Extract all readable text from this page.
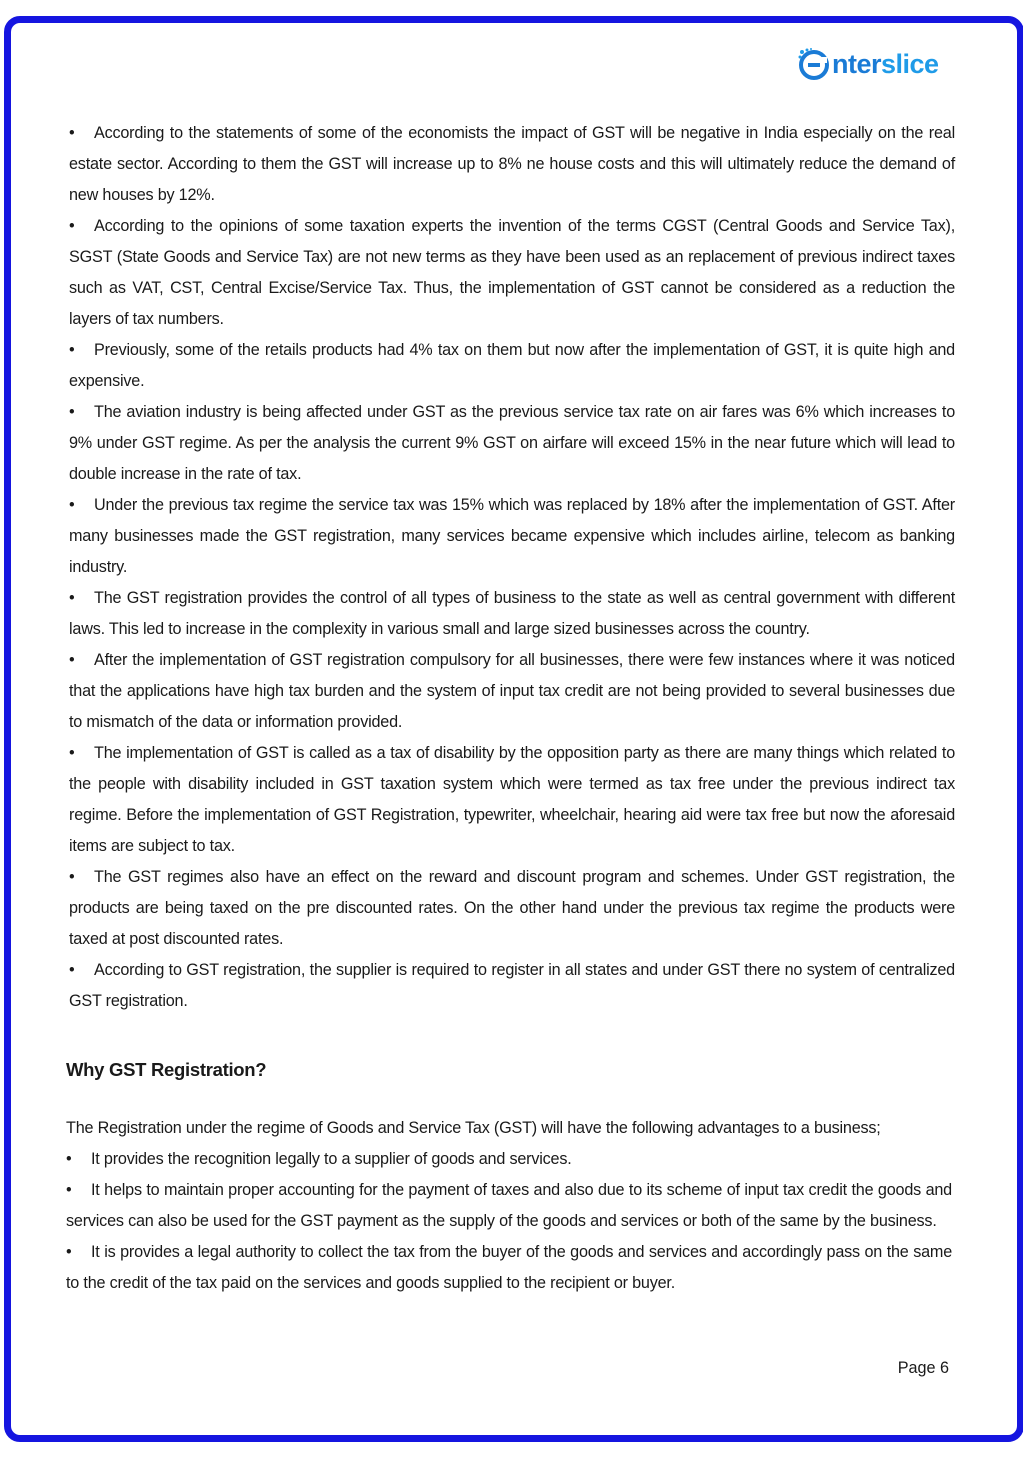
nterslice

• According to the statements of some of the economists the impact of GST will be negative in India especially on the real estate sector. According to them the GST will increase up to 8% ne house costs and this will ultimately reduce the demand of new houses by 12%.

• According to the opinions of some taxation experts the invention of the terms CGST (Central Goods and Service Tax), SGST (State Goods and Service Tax) are not new terms as they have been used as an replacement of previous indirect taxes such as VAT, CST, Central Excise/Service Tax. Thus, the implementation of GST cannot be considered as a reduction the layers of tax numbers.

• Previously, some of the retails products had 4% tax on them but now after the implementation of GST, it is quite high and expensive.

• The aviation industry is being affected under GST as the previous service tax rate on air fares was 6% which increases to 9% under GST regime. As per the analysis the current 9% GST on airfare will exceed 15% in the near future which will lead to double increase in the rate of tax.

• Under the previous tax regime the service tax was 15% which was replaced by 18% after the implementation of GST. After many businesses made the GST registration, many services became expensive which includes airline, telecom as banking industry.

• The GST registration provides the control of all types of business to the state as well as central government with different laws. This led to increase in the complexity in various small and large sized businesses across the country.

• After the implementation of GST registration compulsory for all businesses, there were few instances where it was noticed that the applications have high tax burden and the system of input tax credit are not being provided to several businesses due to mismatch of the data or information provided.

• The implementation of GST is called as a tax of disability by the opposition party as there are many things which related to the people with disability included in GST taxation system which were termed as tax free under the previous indirect tax regime. Before the implementation of GST Registration, typewriter, wheelchair, hearing aid were tax free but now the aforesaid items are subject to tax.

• The GST regimes also have an effect on the reward and discount program and schemes. Under GST registration, the products are being taxed on the pre discounted rates. On the other hand under the previous tax regime the products were taxed at post discounted rates.

• According to GST registration, the supplier is required to register in all states and under GST there no system of centralized GST registration.

Why GST Registration?

The Registration under the regime of Goods and Service Tax (GST) will have the following advantages to a business;

• It provides the recognition legally to a supplier of goods and services.

• It helps to maintain proper accounting for the payment of taxes and also due to its scheme of input tax credit the goods and services can also be used for the GST payment as the supply of the goods and services or both of the same by the business.

• It is provides a legal authority to collect the tax from the buyer of the goods and services and accordingly pass on the same to the credit of the tax paid on the services and goods supplied to the recipient or buyer.

Page 6
